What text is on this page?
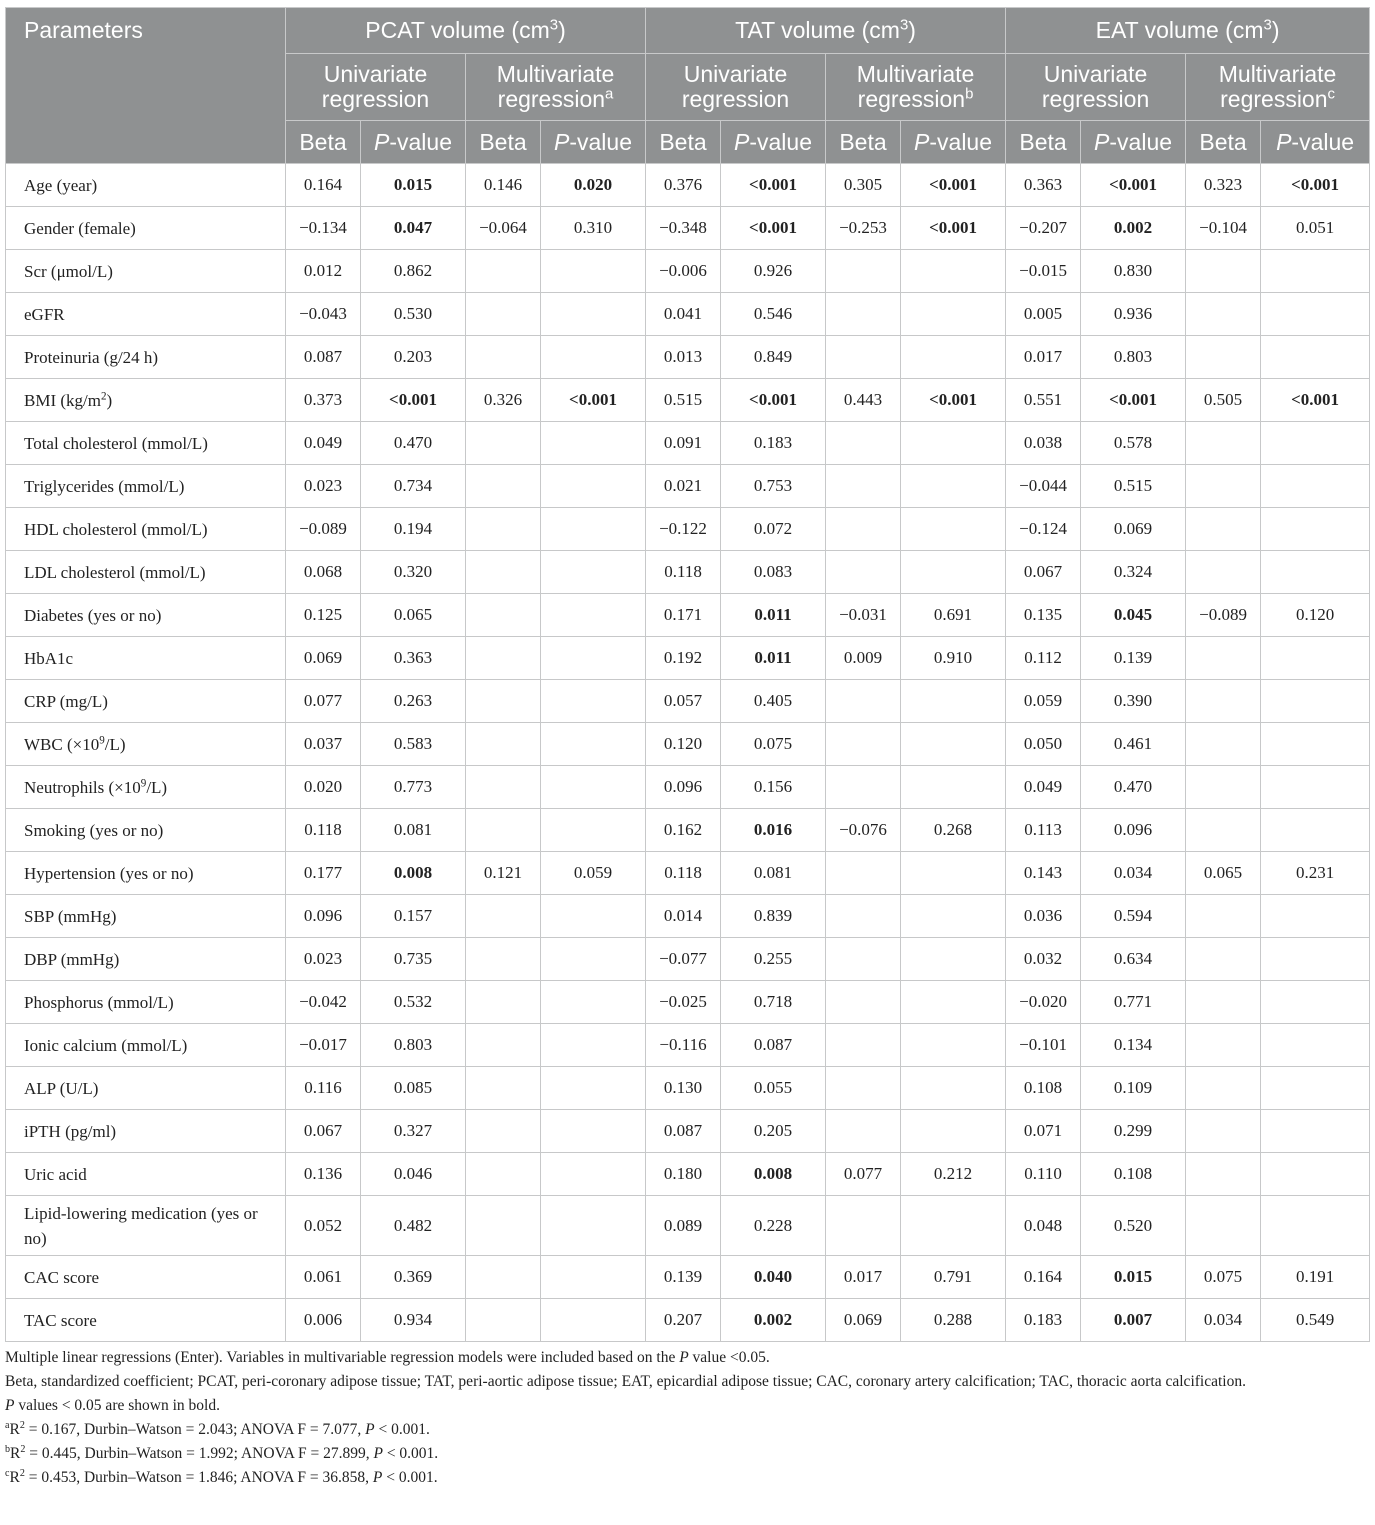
Parameters	PCAT volume $(cm^3)$				TAT volume $(cm^3)$				EAT volume $(cm^3)$			
	Univariate regression		Multivariate regression$^a$		Univariate regression		Multivariate regression$^b$		Univariate regression		Multivariate regression$^c$
	Beta	P-value	Beta	P-value	Beta	P-value	Beta	P-value	Beta	P-value	Beta	P-value
Age (year)	0.164	0.015	0.146	0.020	0.376	<0.001	0.305	<0.001	0.363	<0.001	0.323	<0.001
Gender (female)	−0.134	0.047	−0.064	0.310	−0.348	<0.001	−0.253	<0.001	−0.207	0.002	−0.104	0.051
Scr (μmol/L)	0.012	0.862			−0.006	0.926			−0.015	0.830		
eGFR	−0.043	0.530			0.041	0.546			0.005	0.936		
Proteinuria (g/24 h)	0.087	0.203			0.013	0.849			0.017	0.803		
BMI $(kg/m^2)$	0.373	<0.001	0.326	<0.001	0.515	<0.001	0.443	<0.001	0.551	<0.001	0.505	<0.001
Total cholesterol (mmol/L)	0.049	0.470			0.091	0.183			0.038	0.578		
Triglycerides (mmol/L)	0.023	0.734			0.021	0.753			−0.044	0.515		
HDL cholesterol (mmol/L)	−0.089	0.194			−0.122	0.072			−0.124	0.069		
LDL cholesterol (mmol/L)	0.068	0.320			0.118	0.083			0.067	0.324		
Diabetes (yes or no)	0.125	0.065			0.171	0.011	−0.031	0.691	0.135	0.045	−0.089	0.120
HbA1c	0.069	0.363			0.192	0.011	0.009	0.910	0.112	0.139		
CRP (mg/L)	0.077	0.263			0.057	0.405			0.059	0.390		
WBC $(\times 10^9/L)$	0.037	0.583			0.120	0.075			0.050	0.461		
Neutrophils $(\times 10^9/L)$	0.020	0.773			0.096	0.156			0.049	0.470		
Smoking (yes or no)	0.118	0.081			0.162	0.016	−0.076	0.268	0.113	0.096		
Hypertension (yes or no)	0.177	0.008	0.121	0.059	0.118	0.081			0.143	0.034	0.065	0.231
SBP (mmHg)	0.096	0.157			0.014	0.839			0.036	0.594		
DBP (mmHg)	0.023	0.735			−0.077	0.255			0.032	0.634		
Phosphorus (mmol/L)	−0.042	0.532			−0.025	0.718			−0.020	0.771		
Ionic calcium (mmol/L)	−0.017	0.803			−0.116	0.087			−0.101	0.134		
ALP (U/L)	0.116	0.085			0.130	0.055			0.108	0.109		
iPTH (pg/ml)	0.067	0.327			0.087	0.205			0.071	0.299		
Uric acid	0.136	0.046			0.180	0.008	0.077	0.212	0.110	0.108		
Lipid-lowering medication (yes or no)	0.052	0.482			0.089	0.228			0.048	0.520		
CAC score	0.061	0.369			0.139	0.040	0.017	0.791	0.164	0.015	0.075	0.191
TAC score	0.006	0.934			0.207	0.002	0.069	0.288	0.183	0.007	0.034	0.549
Multiple linear regressions (Enter). Variables in multivariable regression models were included based on the P value <0.05.
Beta, standardized coefficient; PCAT, peri-coronary adipose tissue; TAT, peri-aortic adipose tissue; EAT, epicardial adipose tissue; CAC, coronary artery calcification; TAC, thoracic aorta calcification.
P values < 0.05 are shown in bold.
$^aR^2 = 0.167$, Durbin–Watson = 2.043; ANOVA F = 7.077, P < 0.001.
$^bR^2 = 0.445$, Durbin–Watson = 1.992; ANOVA F = 27.899, P < 0.001.
$^cR^2 = 0.453$, Durbin–Watson = 1.846; ANOVA F = 36.858, P < 0.001.
